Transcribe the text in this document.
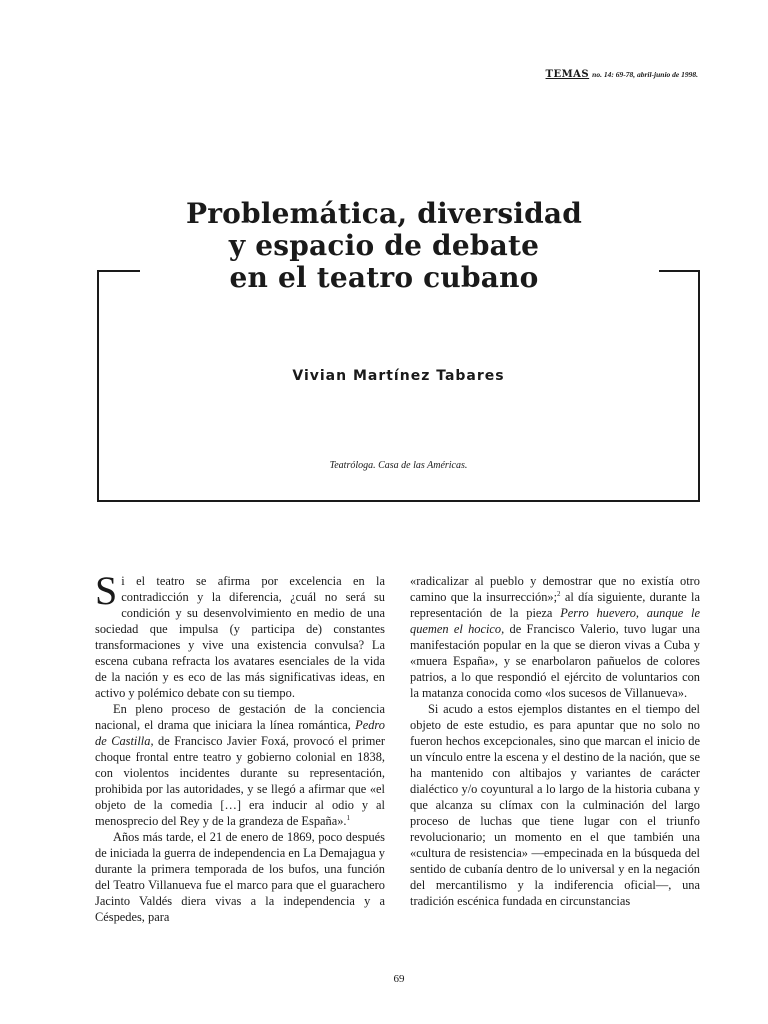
TEMAS no. 14: 69-78, abril-junio de 1998.
Problemática, diversidad
y espacio de debate
en el teatro cubano
Vivian Martínez Tabares
Teatróloga. Casa de las Américas.

Si el teatro se afirma por excelencia en la contradicción y la diferencia, ¿cuál no será su condición y su desenvolvimiento en medio de una sociedad que impulsa (y participa de) constantes transformaciones y vive una existencia convulsa? La escena cubana refracta los avatares esenciales de la vida de la nación y es eco de las más significativas ideas, en activo y polémico debate con su tiempo.

En pleno proceso de gestación de la conciencia nacional, el drama que iniciara la línea romántica, Pedro de Castilla, de Francisco Javier Foxá, provocó el primer choque frontal entre teatro y gobierno colonial en 1838, con violentos incidentes durante su representación, prohibida por las autoridades, y se llegó a afirmar que «el objeto de la comedia […] era inducir al odio y al menosprecio del Rey y de la grandeza de España».$^1$

Años más tarde, el 21 de enero de 1869, poco después de iniciada la guerra de independencia en La Demajagua y durante la primera temporada de los bufos, una función del Teatro Villanueva fue el marco para que el guarachero Jacinto Valdés diera vivas a la independencia y a Céspedes, para

«radicalizar al pueblo y demostrar que no existía otro camino que la insurrección»;$^2$ al día siguiente, durante la representación de la pieza Perro huevero, aunque le quemen el hocico, de Francisco Valerio, tuvo lugar una manifestación popular en la que se dieron vivas a Cuba y «muera España», y se enarbolaron pañuelos de colores patrios, a lo que respondió el ejército de voluntarios con la matanza conocida como «los sucesos de Villanueva».

Si acudo a estos ejemplos distantes en el tiempo del objeto de este estudio, es para apuntar que no solo no fueron hechos excepcionales, sino que marcan el inicio de un vínculo entre la escena y el destino de la nación, que se ha mantenido con altibajos y variantes de carácter dialéctico y/o coyuntural a lo largo de la historia cubana y que alcanza su clímax con la culminación del largo proceso de luchas que tiene lugar con el triunfo revolucionario; un momento en el que también una «cultura de resistencia» —empecinada en la búsqueda del sentido de cubanía dentro de lo universal y en la negación del mercantilismo y la indiferencia oficial—, una tradición escénica fundada en circunstancias

69
